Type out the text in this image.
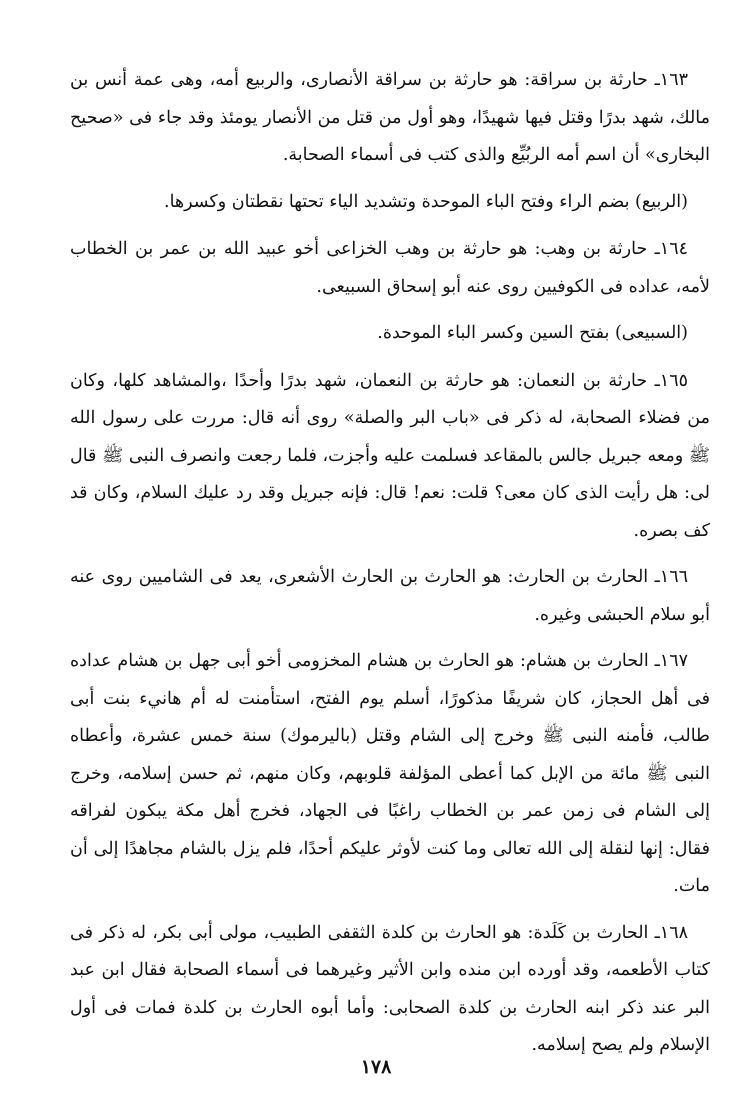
١٦٣ـ حارثة بن سراقة: هو حارثة بن سراقة الأنصارى، والربيع أمه، وهى عمة أنس بن مالك، شهد بدرًا وقتل فيها شهيدًا، وهو أول من قتل من الأنصار يومئذ وقد جاء فى «صحيح البخارى» أن اسم أمه الربُيِّع والذى كتب فى أسماء الصحابة.

(الربيع) بضم الراء وفتح الباء الموحدة وتشديد الياء تحتها نقطتان وكسرها.

١٦٤ـ حارثة بن وهب: هو حارثة بن وهب الخزاعى أخو عبيد الله بن عمر بن الخطاب لأمه، عداده فى الكوفيين روى عنه أبو إسحاق السبيعى.

(السبيعى) بفتح السين وكسر الباء الموحدة.

١٦٥ـ حارثة بن النعمان: هو حارثة بن النعمان، شهد بدرًا وأحدًا ،والمشاهد كلها، وكان من فضلاء الصحابة، له ذكر فى «باب البر والصلة» روى أنه قال: مررت على رسول الله ﷺ ومعه جبريل جالس بالمقاعد فسلمت عليه وأجزت، فلما رجعت وانصرف النبى ﷺ قال لى: هل رأيت الذى كان معى؟ قلت: نعم! قال: فإنه جبريل وقد رد عليك السلام، وكان قد كف بصره.

١٦٦ـ الحارث بن الحارث: هو الحارث بن الحارث الأشعرى، يعد فى الشاميين روى عنه أبو سلام الحبشى وغيره.

١٦٧ـ الحارث بن هشام: هو الحارث بن هشام المخزومى أخو أبى جهل بن هشام عداده فى أهل الحجاز، كان شريفًا مذكورًا، أسلم يوم الفتح، استأمنت له أم هانيء بنت أبى طالب، فأمنه النبى ﷺ وخرج إلى الشام وقتل (باليرموك) سنة خمس عشرة، وأعطاه النبى ﷺ مائة من الإبل كما أعطى المؤلفة قلوبهم، وكان منهم، ثم حسن إسلامه، وخرج إلى الشام فى زمن عمر بن الخطاب راغبًا فى الجهاد، فخرج أهل مكة يبكون لفراقه فقال: إنها لنقلة إلى الله تعالى وما كنت لأوثر عليكم أحدًا، فلم يزل بالشام مجاهدًا إلى أن مات.

١٦٨ـ الحارث بن كَلَدة: هو الحارث بن كلدة الثقفى الطبيب، مولى أبى بكر، له ذكر فى كتاب الأطعمه، وقد أورده ابن منده وابن الأثير وغيرهما فى أسماء الصحابة فقال ابن عبد البر عند ذكر ابنه الحارث بن كلدة الصحابى: وأما أبوه الحارث بن كلدة فمات فى أول الإسلام ولم يصح إسلامه.

١٧٨
